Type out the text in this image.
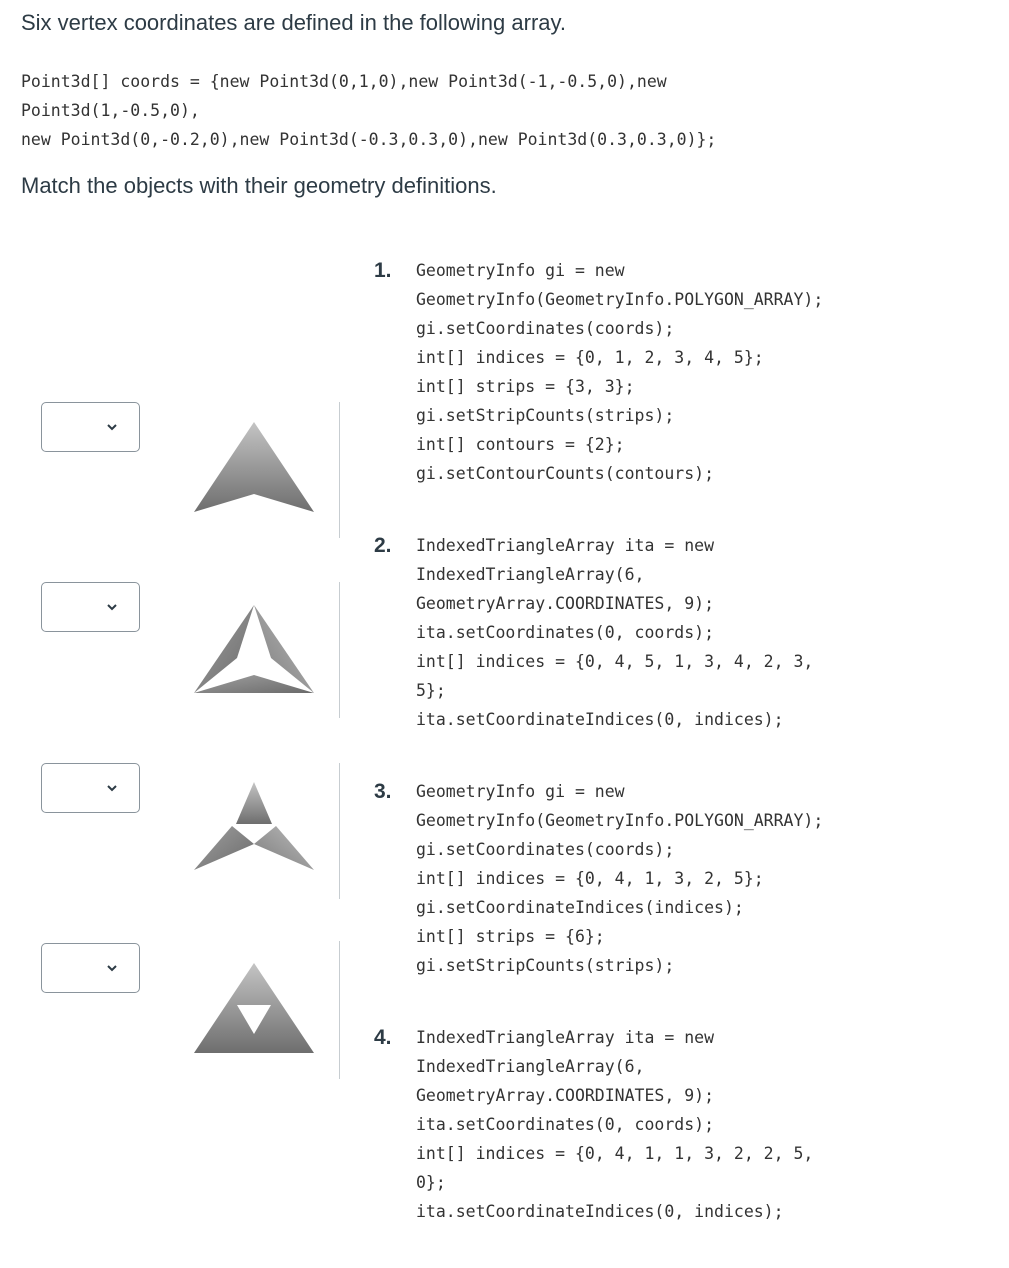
Six vertex coordinates are defined in the following array.

Point3d[] coords = {new Point3d(0,1,0),new Point3d(-1,-0.5,0),new
Point3d(1,-0.5,0),
new Point3d(0,-0.2,0),new Point3d(-0.3,0.3,0),new Point3d(0.3,0.3,0)};

Match the objects with their geometry definitions.

1. GeometryInfo gi = new
GeometryInfo(GeometryInfo.POLYGON_ARRAY);
gi.setCoordinates(coords);
int[] indices = {0, 1, 2, 3, 4, 5};
int[] strips = {3, 3};
gi.setStripCounts(strips);
int[] contours = {2};
gi.setContourCounts(contours);
2. IndexedTriangleArray ita = new
IndexedTriangleArray(6,
GeometryArray.COORDINATES, 9);
ita.setCoordinates(0, coords);
int[] indices = {0, 4, 5, 1, 3, 4, 2, 3,
5};
ita.setCoordinateIndices(0, indices);
3. GeometryInfo gi = new
GeometryInfo(GeometryInfo.POLYGON_ARRAY);
gi.setCoordinates(coords);
int[] indices = {0, 4, 1, 3, 2, 5};
gi.setCoordinateIndices(indices);
int[] strips = {6};
gi.setStripCounts(strips);
4. IndexedTriangleArray ita = new
IndexedTriangleArray(6,
GeometryArray.COORDINATES, 9);
ita.setCoordinates(0, coords);
int[] indices = {0, 4, 1, 1, 3, 2, 2, 5,
0};
ita.setCoordinateIndices(0, indices);
